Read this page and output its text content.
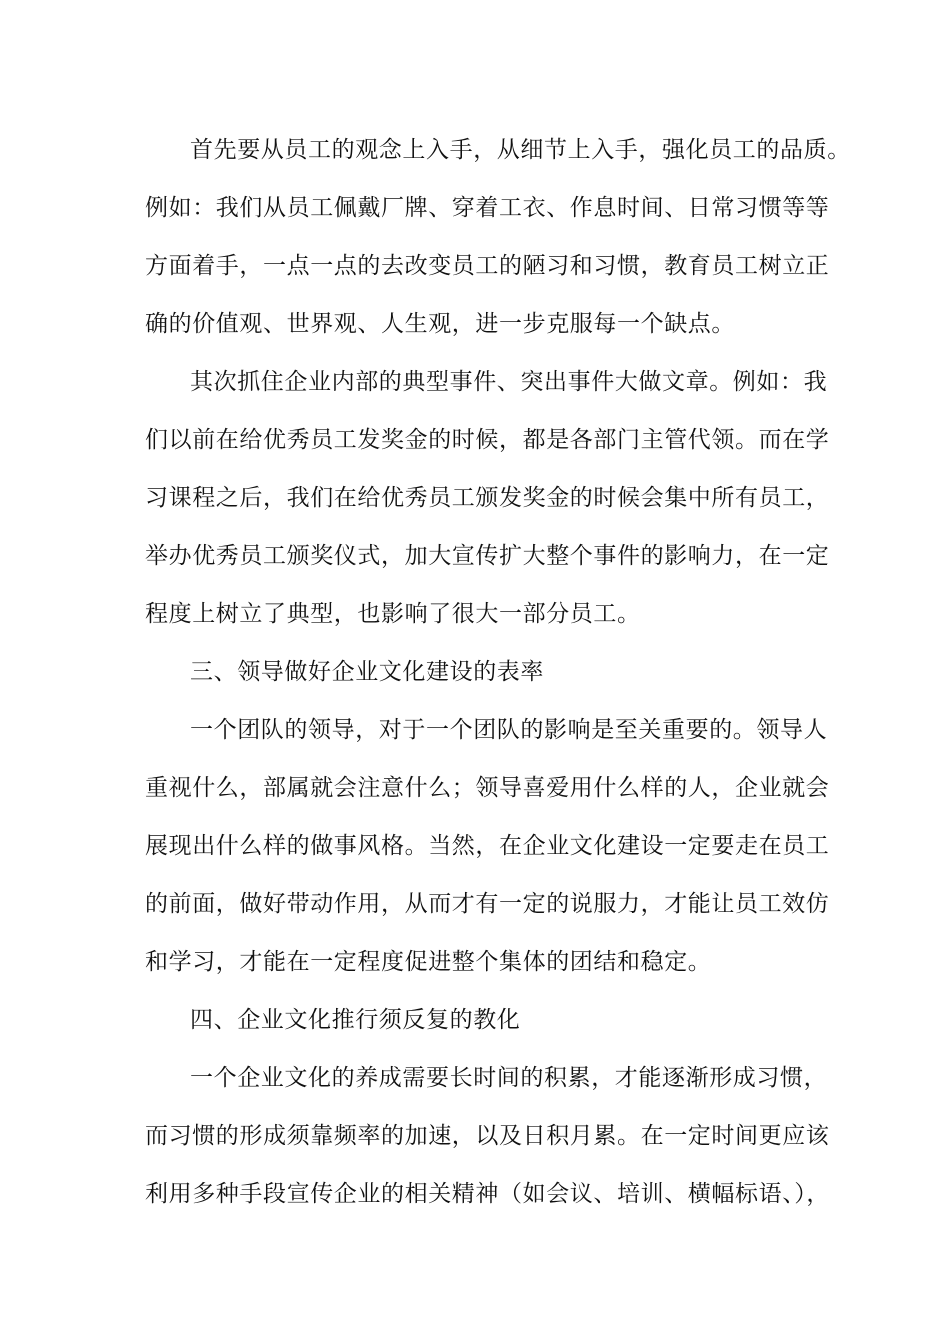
首先要从员工的观念上入手，从细节上入手，强化员工的品质。
例如：我们从员工佩戴厂牌、穿着工衣、作息时间、日常习惯等等
方面着手，一点一点的去改变员工的陋习和习惯，教育员工树立正
确的价值观、世界观、人生观，进一步克服每一个缺点。
其次抓住企业内部的典型事件、突出事件大做文章。例如：我
们以前在给优秀员工发奖金的时候，都是各部门主管代领。而在学
习课程之后，我们在给优秀员工颁发奖金的时候会集中所有员工，
举办优秀员工颁奖仪式，加大宣传扩大整个事件的影响力，在一定
程度上树立了典型，也影响了很大一部分员工。
三、领导做好企业文化建设的表率
一个团队的领导，对于一个团队的影响是至关重要的。领导人
重视什么，部属就会注意什么；领导喜爱用什么样的人，企业就会
展现出什么样的做事风格。当然，在企业文化建设一定要走在员工
的前面，做好带动作用，从而才有一定的说服力，才能让员工效仿
和学习，才能在一定程度促进整个集体的团结和稳定。
四、企业文化推行须反复的教化
一个企业文化的养成需要长时间的积累，才能逐渐形成习惯，
而习惯的形成须靠频率的加速，以及日积月累。在一定时间更应该
利用多种手段宣传企业的相关精神（如会议、培训、横幅标语、），
